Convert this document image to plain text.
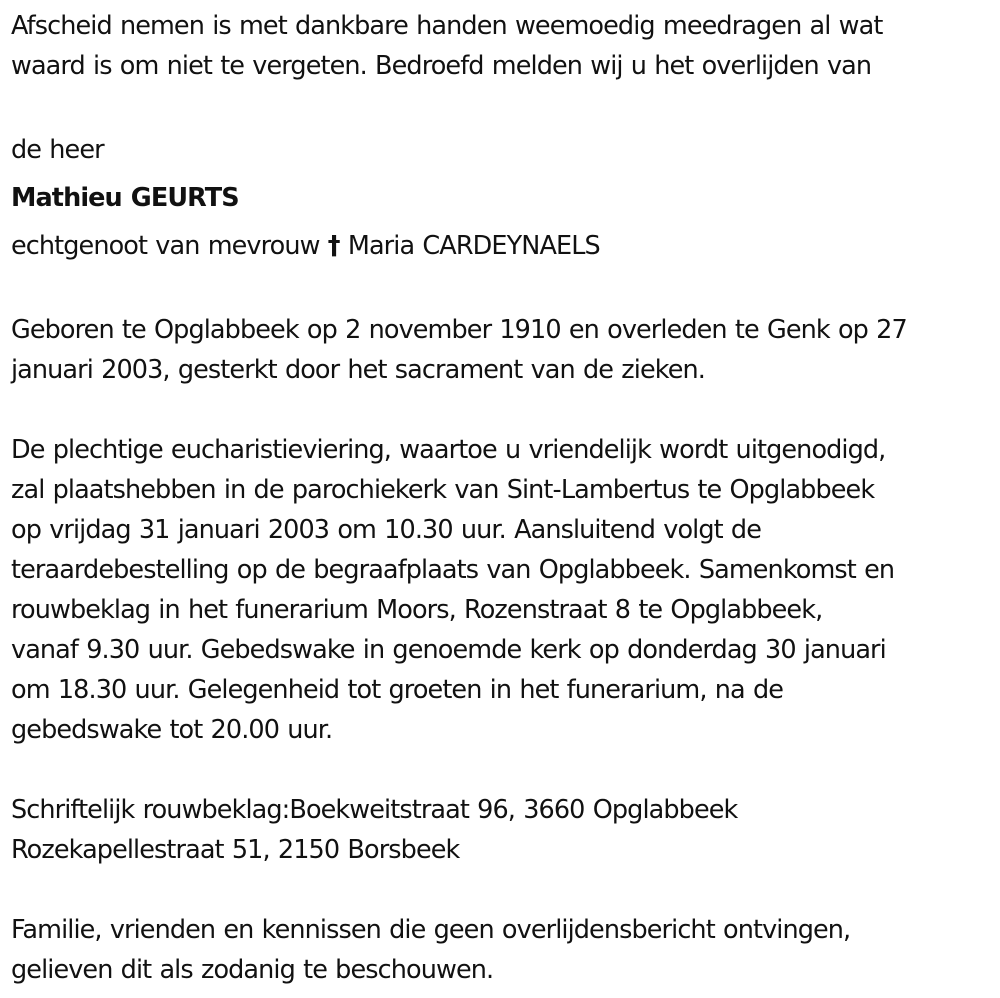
Afscheid nemen is met dankbare handen weemoedig meedragen al wat
waard is om niet te vergeten. Bedroefd melden wij u het overlijden van
de heer
Mathieu GEURTS
echtgenoot van mevrouw † Maria CARDEYNAELS
Geboren te Opglabbeek op 2 november 1910 en overleden te Genk op 27
januari 2003, gesterkt door het sacrament van de zieken.
De plechtige eucharistieviering, waartoe u vriendelijk wordt uitgenodigd,
zal plaatshebben in de parochiekerk van Sint-Lambertus te Opglabbeek
op vrijdag 31 januari 2003 om 10.30 uur. Aansluitend volgt de
teraardebestelling op de begraafplaats van Opglabbeek. Samenkomst en
rouwbeklag in het funerarium Moors, Rozenstraat 8 te Opglabbeek,
vanaf 9.30 uur. Gebedswake in genoemde kerk op donderdag 30 januari
om 18.30 uur. Gelegenheid tot groeten in het funerarium, na de
gebedswake tot 20.00 uur.
Schriftelijk rouwbeklag:Boekweitstraat 96, 3660 Opglabbeek
Rozekapellestraat 51, 2150 Borsbeek
Familie, vrienden en kennissen die geen overlijdensbericht ontvingen,
gelieven dit als zodanig te beschouwen.
